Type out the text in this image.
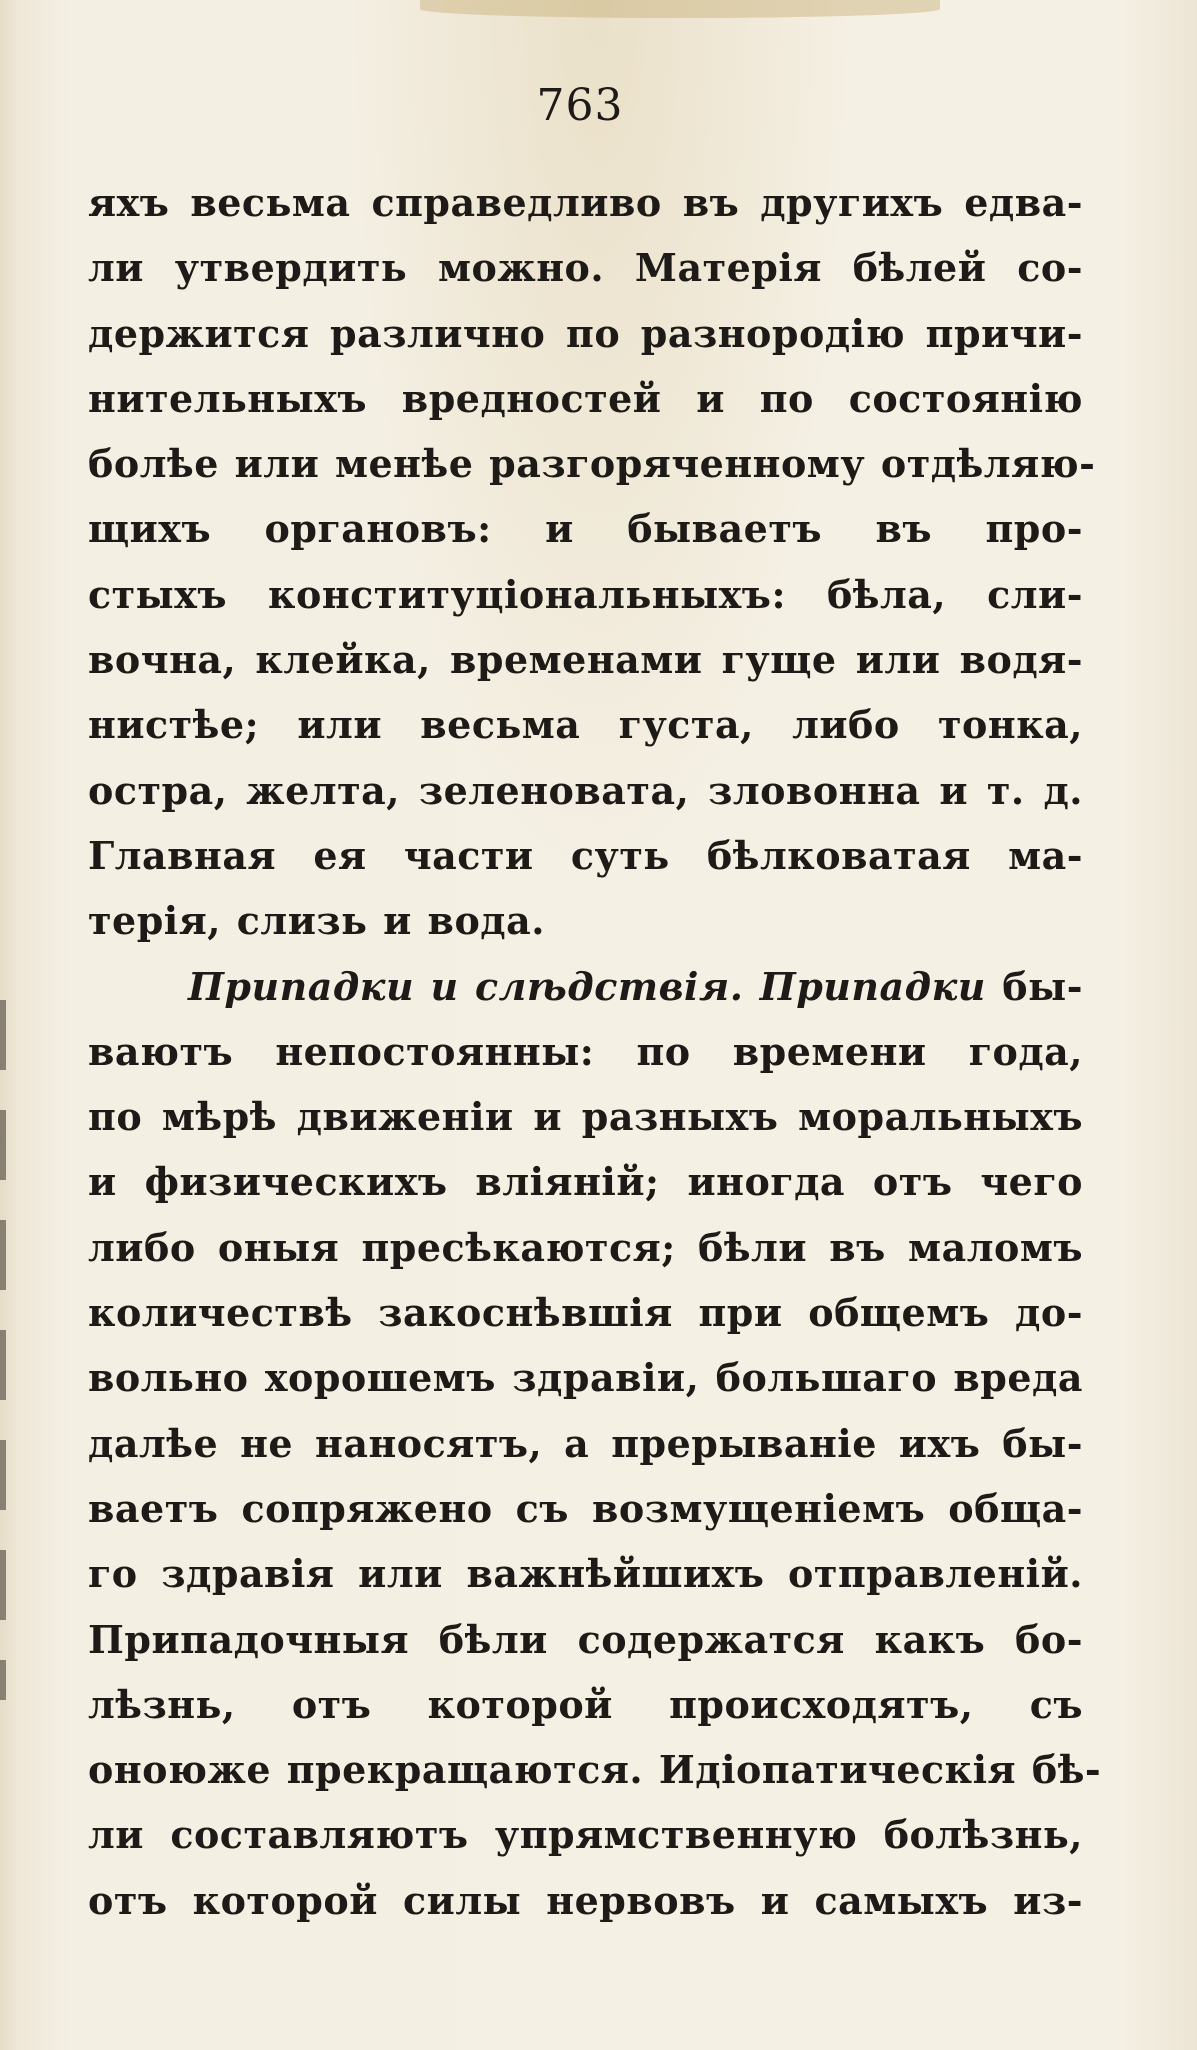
763
яхъ весьма справедливо въ другихъ едва-
ли утвердить можно. Матерія бѣлей со-
держится различно по разнородію причи-
нительныхъ вредностей и по состоянію
болѣе или менѣе разгоряченному отдѣляю-
щихъ органовъ: и бываетъ въ про-
стыхъ конституціональныхъ: бѣла, сли-
вочна, клейка, временами гуще или водя-
нистѣе; или весьма густа, либо тонка,
остра, желта, зеленовата, зловонна и т. д.
Главная ея части суть бѣлковатая ма-
терія, слизь и вода.
Припадки и слѣдствія. Припадки бы-
ваютъ непостоянны: по времени года,
по мѣрѣ движеніи и разныхъ моральныхъ
и физическихъ вліяній; иногда отъ чего
либо оныя пресѣкаются; бѣли въ маломъ
количествѣ закоснѣвшія при общемъ до-
вольно хорошемъ здравіи, большаго вреда
далѣе не наносятъ, а прерываніе ихъ бы-
ваетъ сопряжено съ возмущеніемъ обща-
го здравія или важнѣйшихъ отправленій.
Припадочныя бѣли содержатся какъ бо-
лѣзнь, отъ которой происходятъ, съ
оноюже прекращаются. Идіопатическія бѣ-
ли составляютъ упрямственную болѣзнь,
отъ которой силы нервовъ и самыхъ из-
